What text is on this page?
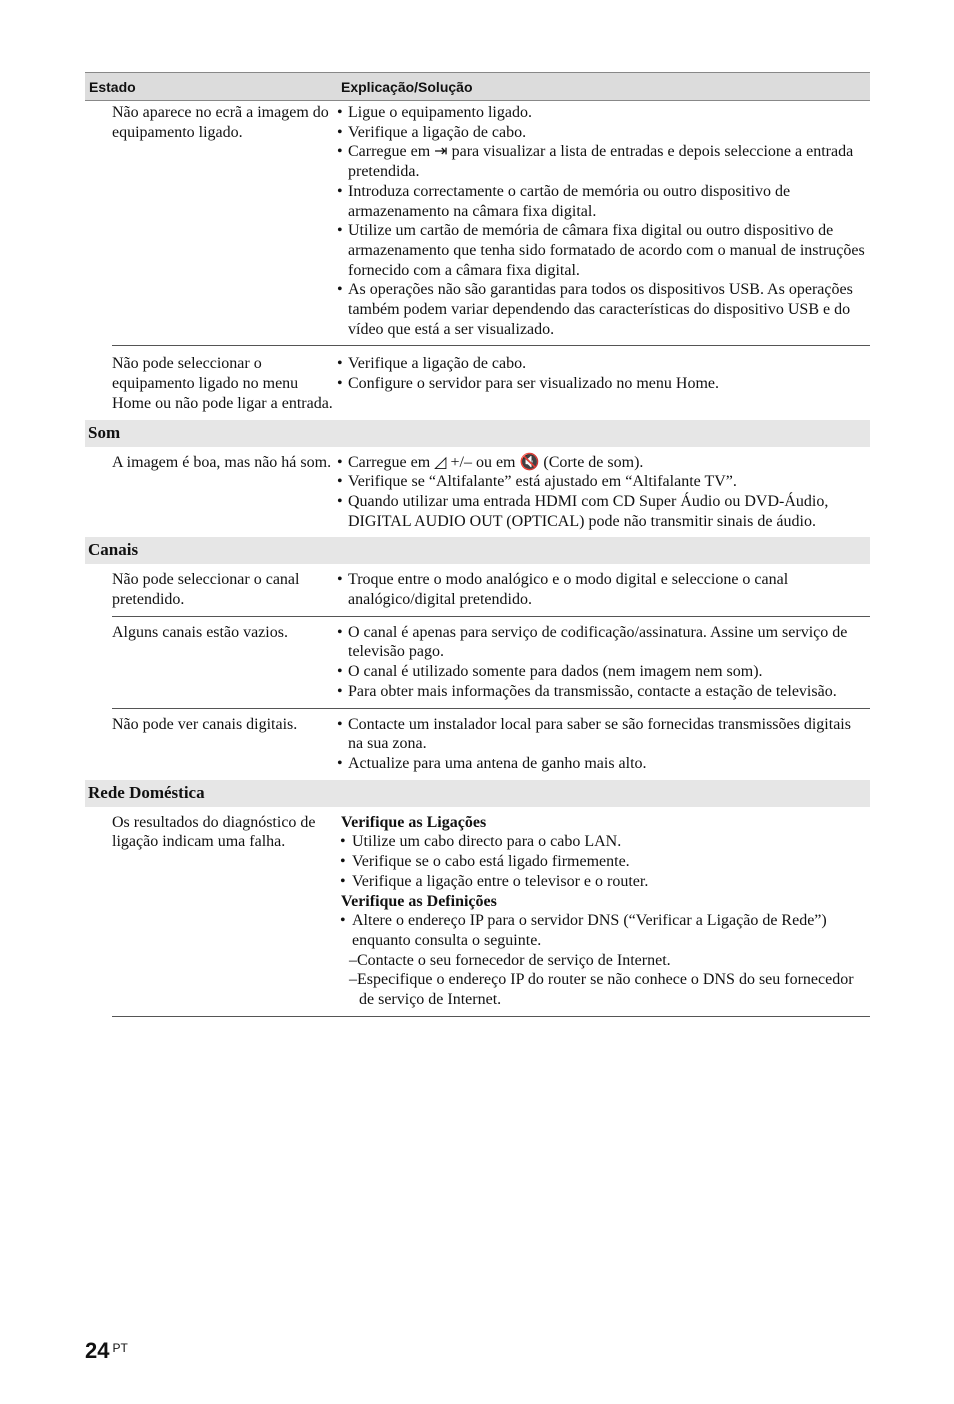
Estado	Explicação/Solução
Não aparece no ecrã a imagem do equipamento ligado.
• Ligue o equipamento ligado.
• Verifique a ligação de cabo.
• Carregue em ⇥ para visualizar a lista de entradas e depois seleccione a entrada pretendida.
• Introduza correctamente o cartão de memória ou outro dispositivo de armazenamento na câmara fixa digital.
• Utilize um cartão de memória de câmara fixa digital ou outro dispositivo de armazenamento que tenha sido formatado de acordo com o manual de instruções fornecido com a câmara fixa digital.
• As operações não são garantidas para todos os dispositivos USB. As operações também podem variar dependendo das características do dispositivo USB e do vídeo que está a ser visualizado.
Não pode seleccionar o equipamento ligado no menu Home ou não pode ligar a entrada.
• Verifique a ligação de cabo.
• Configure o servidor para ser visualizado no menu Home.
Som
A imagem é boa, mas não há som.	• Carregue em ◿ +/– ou em 🔇 (Corte de som).
• Verifique se “Altifalante” está ajustado em “Altifalante TV”.
• Quando utilizar uma entrada HDMI com CD Super Áudio ou DVD-Áudio, DIGITAL AUDIO OUT (OPTICAL) pode não transmitir sinais de áudio.
Canais
Não pode seleccionar o canal pretendido.
• Troque entre o modo analógico e o modo digital e seleccione o canal analógico/digital pretendido.
Alguns canais estão vazios.	• O canal é apenas para serviço de codificação/assinatura. Assine um serviço de televisão pago.
• O canal é utilizado somente para dados (nem imagem nem som).
• Para obter mais informações da transmissão, contacte a estação de televisão.
Não pode ver canais digitais.	• Contacte um instalador local para saber se são fornecidas transmissões digitais na sua zona.
• Actualize para uma antena de ganho mais alto.
Rede Doméstica
Os resultados do diagnóstico de ligação indicam uma falha.
Verifique as Ligações
• Utilize um cabo directo para o cabo LAN.
• Verifique se o cabo está ligado firmemente.
• Verifique a ligação entre o televisor e o router.
Verifique as Definições
• Altere o endereço IP para o servidor DNS (“Verificar a Ligação de Rede”) enquanto consulta o seguinte.
–Contacte o seu fornecedor de serviço de Internet.
–Especifique o endereço IP do router se não conhece o DNS do seu fornecedor de serviço de Internet.
24 $^{PT}$
